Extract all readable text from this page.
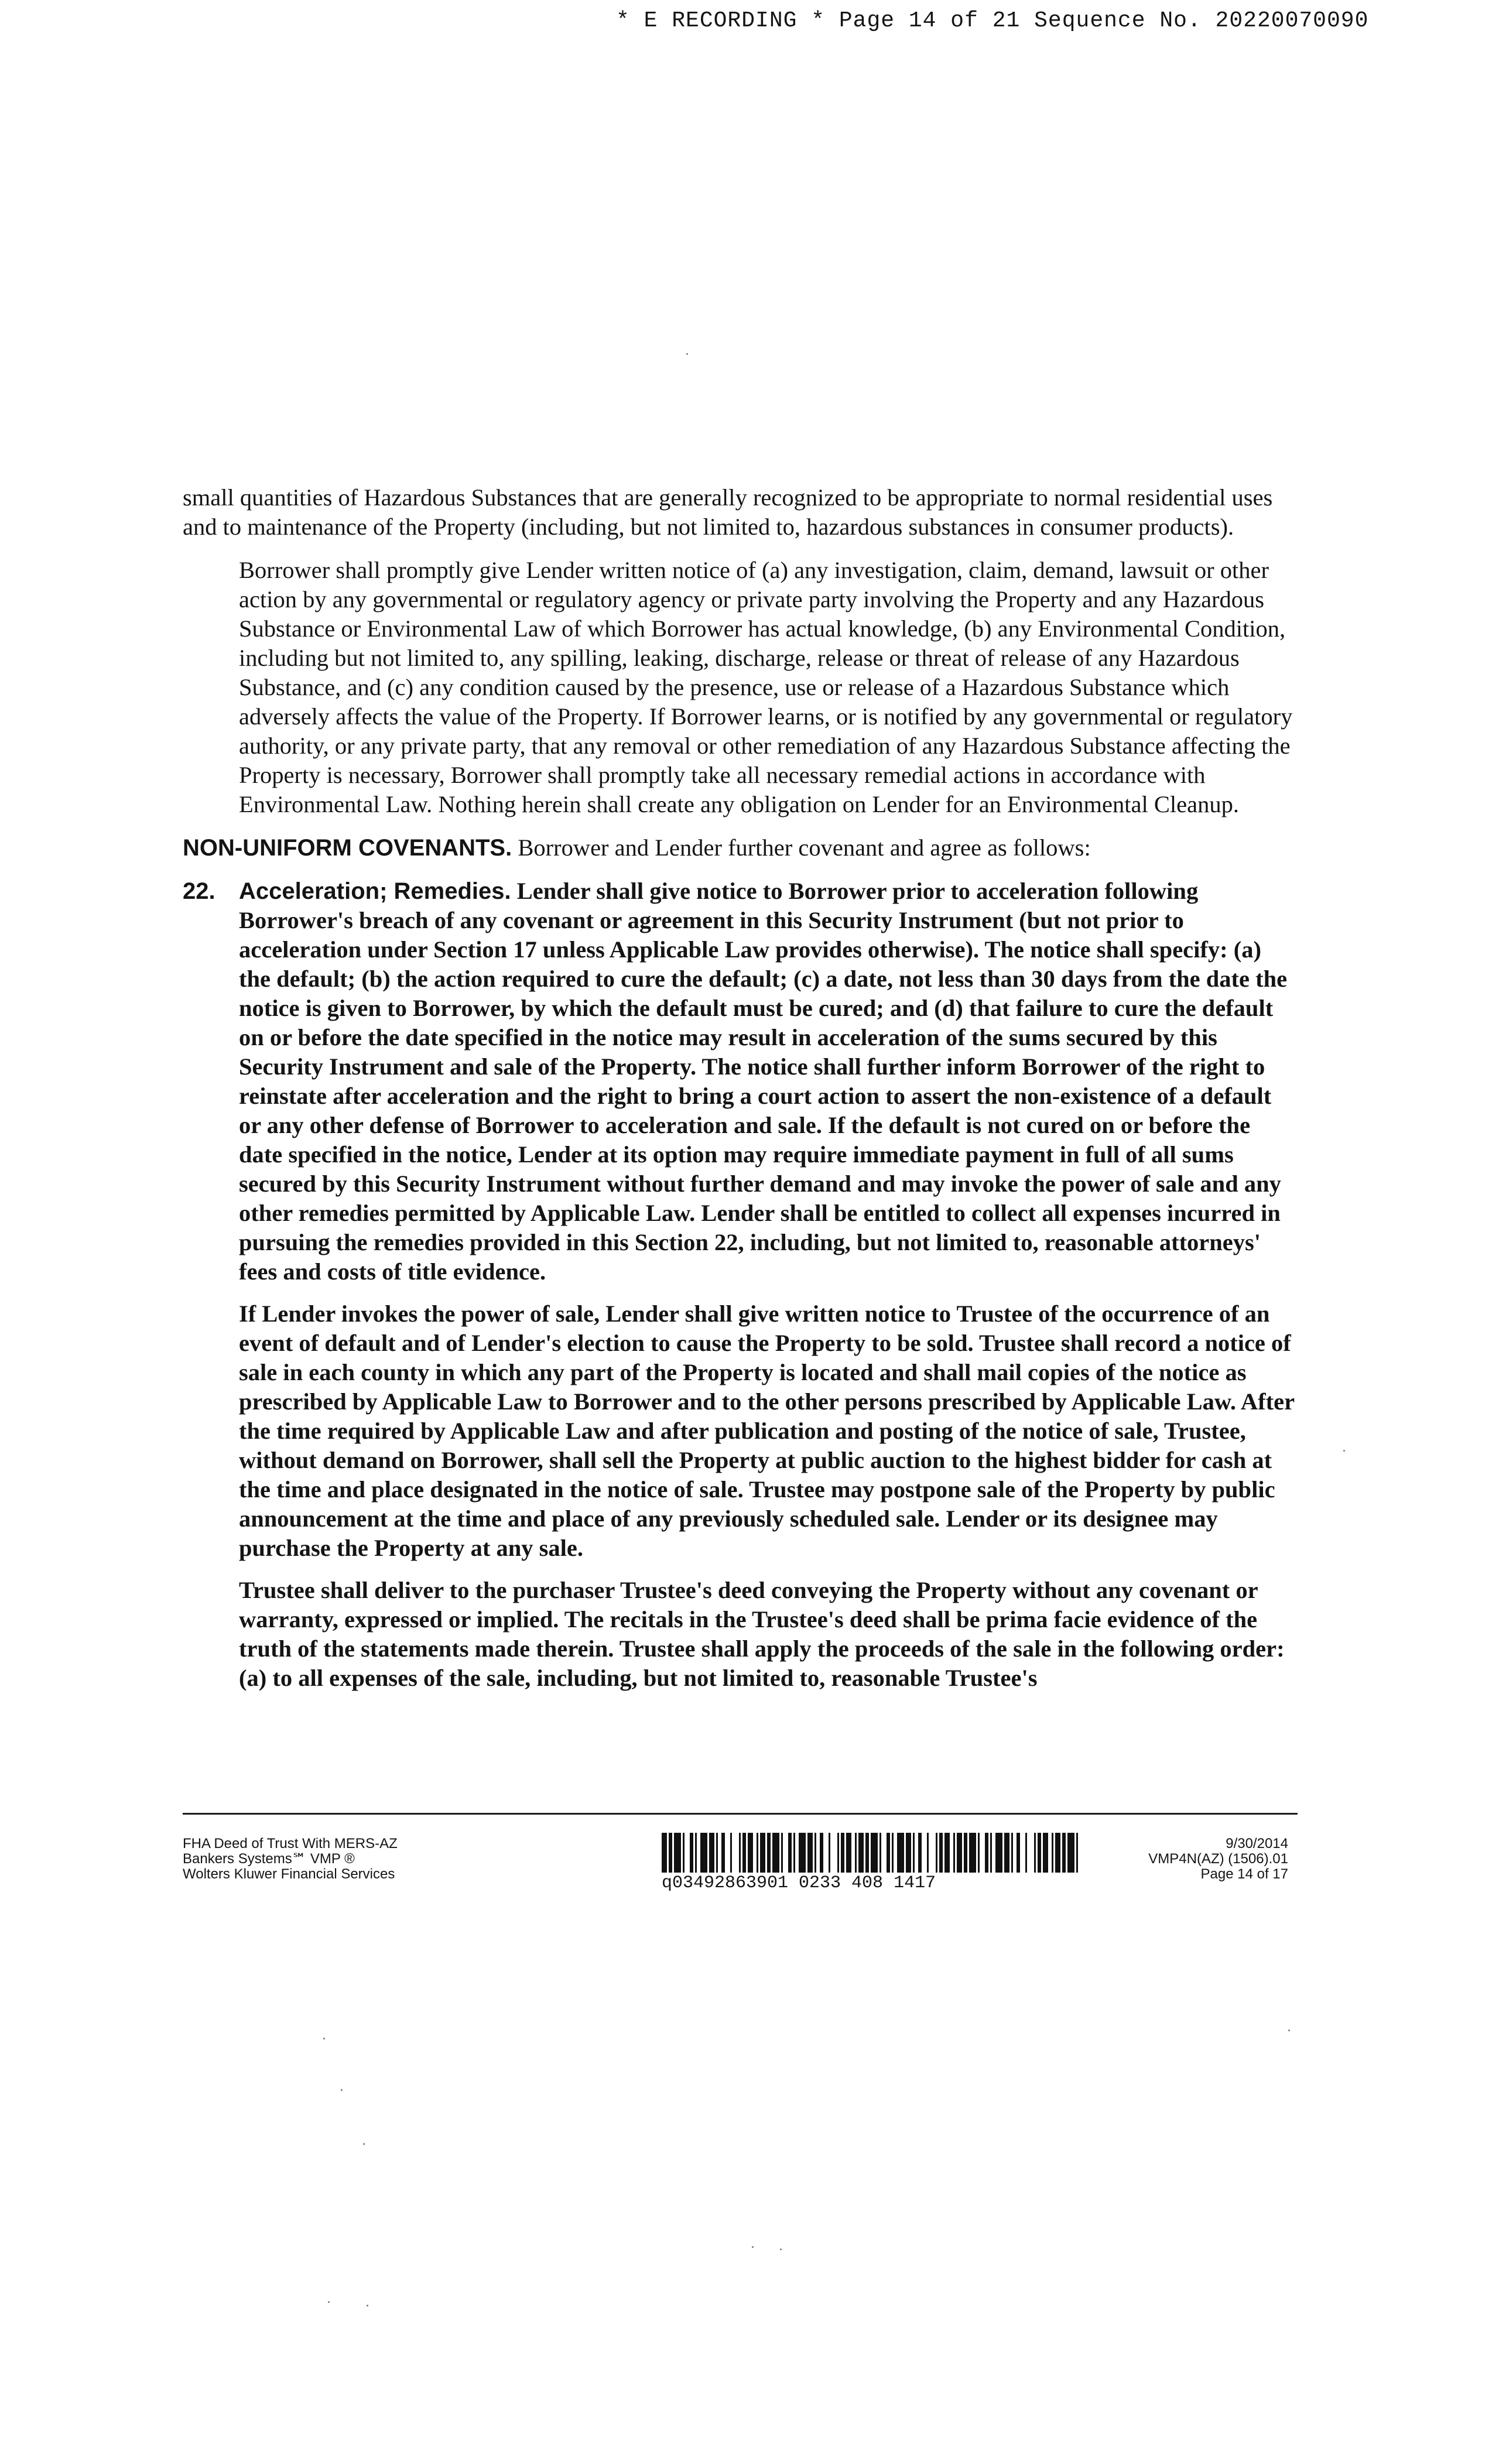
* E RECORDING * Page 14 of 21 Sequence No. 20220070090

small quantities of Hazardous Substances that are generally recognized to be appropriate to normal residential uses and to maintenance of the Property (including, but not limited to, hazardous substances in consumer products).

Borrower shall promptly give Lender written notice of (a) any investigation, claim, demand, lawsuit or other action by any governmental or regulatory agency or private party involving the Property and any Hazardous Substance or Environmental Law of which Borrower has actual knowledge, (b) any Environmental Condition, including but not limited to, any spilling, leaking, discharge, release or threat of release of any Hazardous Substance, and (c) any condition caused by the presence, use or release of a Hazardous Substance which adversely affects the value of the Property. If Borrower learns, or is notified by any governmental or regulatory authority, or any private party, that any removal or other remediation of any Hazardous Substance affecting the Property is necessary, Borrower shall promptly take all necessary remedial actions in accordance with Environmental Law. Nothing herein shall create any obligation on Lender for an Environmental Cleanup.

NON-UNIFORM COVENANTS. Borrower and Lender further covenant and agree as follows:

22.	Acceleration; Remedies. Lender shall give notice to Borrower prior to acceleration following Borrower's breach of any covenant or agreement in this Security Instrument (but not prior to acceleration under Section 17 unless Applicable Law provides otherwise). The notice shall specify: (a) the default; (b) the action required to cure the default; (c) a date, not less than 30 days from the date the notice is given to Borrower, by which the default must be cured; and (d) that failure to cure the default on or before the date specified in the notice may result in acceleration of the sums secured by this Security Instrument and sale of the Property. The notice shall further inform Borrower of the right to reinstate after acceleration and the right to bring a court action to assert the non-existence of a default or any other defense of Borrower to acceleration and sale. If the default is not cured on or before the date specified in the notice, Lender at its option may require immediate payment in full of all sums secured by this Security Instrument without further demand and may invoke the power of sale and any other remedies permitted by Applicable Law. Lender shall be entitled to collect all expenses incurred in pursuing the remedies provided in this Section 22, including, but not limited to, reasonable attorneys' fees and costs of title evidence.

If Lender invokes the power of sale, Lender shall give written notice to Trustee of the occurrence of an event of default and of Lender's election to cause the Property to be sold. Trustee shall record a notice of sale in each county in which any part of the Property is located and shall mail copies of the notice as prescribed by Applicable Law to Borrower and to the other persons prescribed by Applicable Law. After the time required by Applicable Law and after publication and posting of the notice of sale, Trustee, without demand on Borrower, shall sell the Property at public auction to the highest bidder for cash at the time and place designated in the notice of sale. Trustee may postpone sale of the Property by public announcement at the time and place of any previously scheduled sale. Lender or its designee may purchase the Property at any sale.

Trustee shall deliver to the purchaser Trustee's deed conveying the Property without any covenant or warranty, expressed or implied. The recitals in the Trustee's deed shall be prima facie evidence of the truth of the statements made therein. Trustee shall apply the proceeds of the sale in the following order: (a) to all expenses of the sale, including, but not limited to, reasonable Trustee's

FHA Deed of Trust With MERS-AZ
Bankers Systems℠ VMP ®
Wolters Kluwer Financial Services	q03492863901 0233 408 1417
9/30/2014
VMP4N(AZ) (1506).01
Page 14 of 17
